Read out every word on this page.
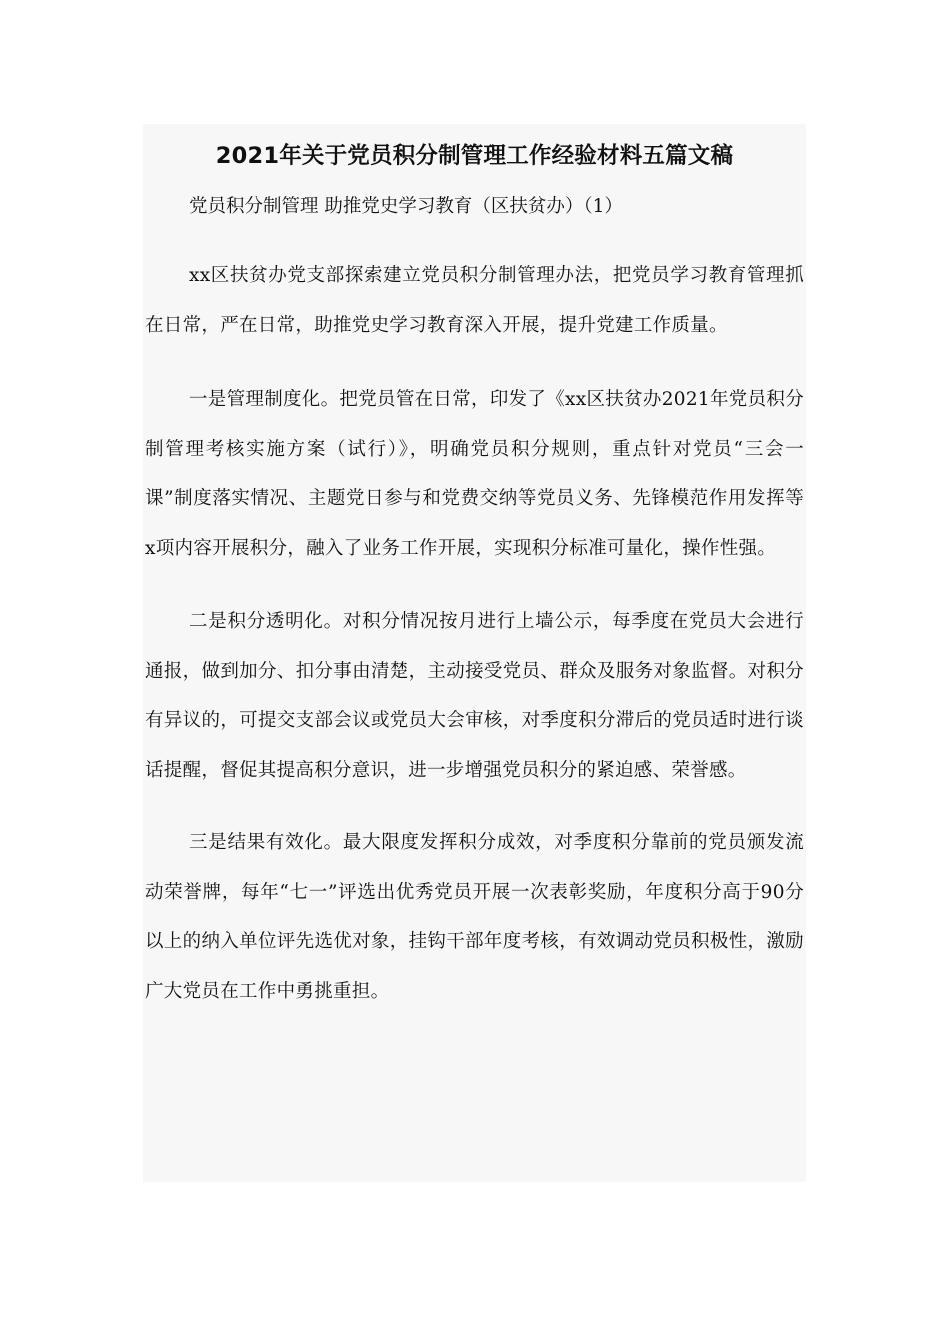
2021年关于党员积分制管理工作经验材料五篇文稿

党员积分制管理 助推党史学习教育（区扶贫办）（1）

xx区扶贫办党支部探索建立党员积分制管理办法，把党员学习教育管理抓在日常，严在日常，助推党史学习教育深入开展，提升党建工作质量。

一是管理制度化。把党员管在日常，印发了《xx区扶贫办2021年党员积分制管理考核实施方案（试行）》，明确党员积分规则，重点针对党员“三会一课”制度落实情况、主题党日参与和党费交纳等党员义务、先锋模范作用发挥等x项内容开展积分，融入了业务工作开展，实现积分标准可量化，操作性强。

二是积分透明化。对积分情况按月进行上墙公示，每季度在党员大会进行通报，做到加分、扣分事由清楚，主动接受党员、群众及服务对象监督。对积分有异议的，可提交支部会议或党员大会审核，对季度积分滞后的党员适时进行谈话提醒，督促其提高积分意识，进一步增强党员积分的紧迫感、荣誉感。

三是结果有效化。最大限度发挥积分成效，对季度积分靠前的党员颁发流动荣誉牌，每年“七一”评选出优秀党员开展一次表彰奖励，年度积分高于90分以上的纳入单位评先选优对象，挂钩干部年度考核，有效调动党员积极性，激励广大党员在工作中勇挑重担。
